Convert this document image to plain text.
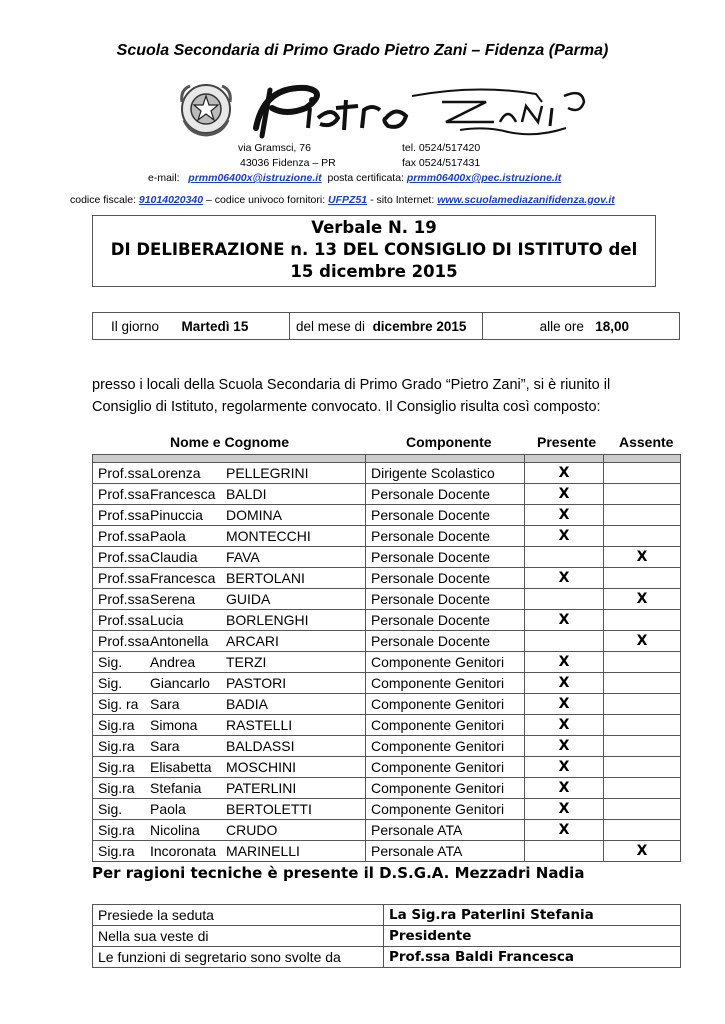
Scuola Secondaria di Primo Grado Pietro Zani – Fidenza (Parma)
via Gramsci, 76	tel. 0524/517420
43036 Fidenza – PR	fax 0524/517431
e-mail: prmm06400x@istruzione.it posta certificata: prmm06400x@pec.istruzione.it
codice fiscale: 91014020340 – codice univoco fornitori: UFPZ51 - sito Internet: www.scuolamediazanifidenza.gov.it
Verbale N. 19
DI DELIBERAZIONE n. 13 DEL CONSIGLIO DI ISTITUTO del
15 dicembre 2015
Il giorno Martedì 15	del mese di dicembre 2015	alle ore 18,00
presso i locali della Scuola Secondaria di Primo Grado “Pietro Zani”, si è riunito il Consiglio di Istituto, regolarmente convocato. Il Consiglio risulta così composto:
Nome e Cognome	Componente	Presente Assente

Prof.ssaLorenza PELLEGRINI	Dirigente Scolastico	X	
Prof.ssaFrancesca BALDI	Personale Docente	X	
Prof.ssaPinuccia DOMINA	Personale Docente	X	
Prof.ssaPaola MONTECCHI	Personale Docente	X	
Prof.ssaClaudia FAVA	Personale Docente		X
Prof.ssaFrancesca BERTOLANI	Personale Docente	X	
Prof.ssaSerena GUIDA	Personale Docente		X
Prof.ssaLucia BORLENGHI	Personale Docente	X	
Prof.ssaAntonella ARCARI	Personale Docente		X
Sig. Andrea TERZI	Componente Genitori	X	
Sig. Giancarlo PASTORI	Componente Genitori	X	
Sig. ra Sara BADIA	Componente Genitori	X	
Sig.ra Simona RASTELLI	Componente Genitori	X	
Sig.ra Sara BALDASSI	Componente Genitori	X	
Sig.ra Elisabetta MOSCHINI	Componente Genitori	X	
Sig.ra Stefania PATERLINI	Componente Genitori	X	
Sig. Paola BERTOLETTI	Componente Genitori	X	
Sig.ra Nicolina CRUDO	Personale ATA	X	
Sig.ra Incoronata MARINELLI	Personale ATA		X
Per ragioni tecniche è presente il D.S.G.A. Mezzadri Nadia
Presiede la seduta	La Sig.ra Paterlini Stefania
Nella sua veste di	Presidente
Le funzioni di segretario sono svolte da	Prof.ssa Baldi Francesca
